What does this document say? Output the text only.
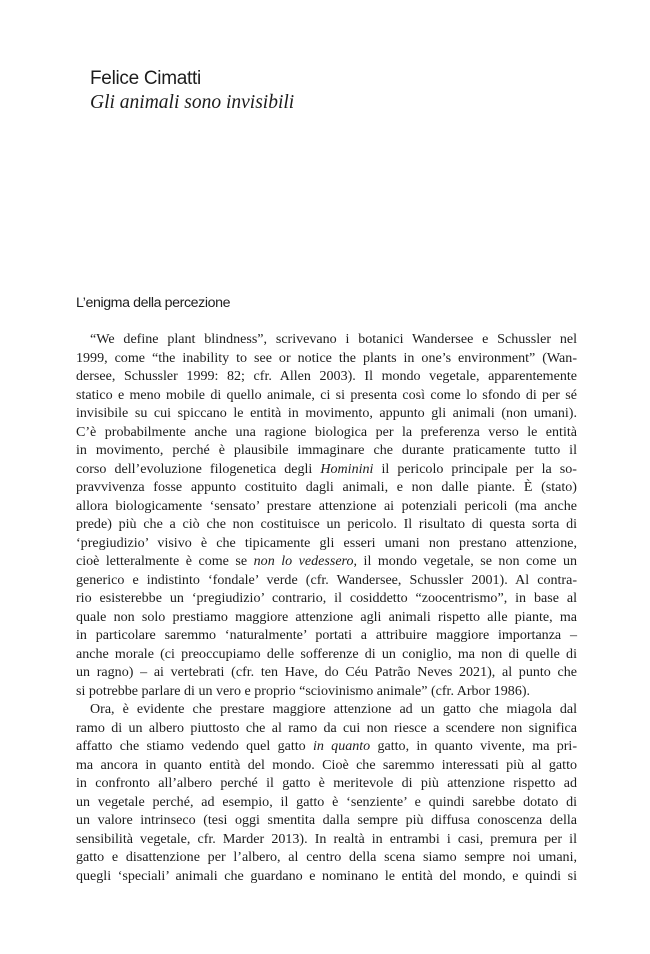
Felice Cimatti
Gli animali sono invisibili
L’enigma della percezione
“We define plant blindness”, scrivevano i botanici Wandersee e Schussler nel
1999, come “the inability to see or notice the plants in one’s environment” (Wan-
dersee, Schussler 1999: 82; cfr. Allen 2003). Il mondo vegetale, apparentemente
statico e meno mobile di quello animale, ci si presenta così come lo sfondo di per sé
invisibile su cui spiccano le entità in movimento, appunto gli animali (non umani).
C’è probabilmente anche una ragione biologica per la preferenza verso le entità
in movimento, perché è plausibile immaginare che durante praticamente tutto il
corso dell’evoluzione filogenetica degli Hominini il pericolo principale per la so-
pravvivenza fosse appunto costituito dagli animali, e non dalle piante. È (stato)
allora biologicamente ‘sensato’ prestare attenzione ai potenziali pericoli (ma anche
prede) più che a ciò che non costituisce un pericolo. Il risultato di questa sorta di
‘pregiudizio’ visivo è che tipicamente gli esseri umani non prestano attenzione,
cioè letteralmente è come se non lo vedessero, il mondo vegetale, se non come un
generico e indistinto ‘fondale’ verde (cfr. Wandersee, Schussler 2001). Al contra-
rio esisterebbe un ‘pregiudizio’ contrario, il cosiddetto “zoocentrismo”, in base al
quale non solo prestiamo maggiore attenzione agli animali rispetto alle piante, ma
in particolare saremmo ‘naturalmente’ portati a attribuire maggiore importanza –
anche morale (ci preoccupiamo delle sofferenze di un coniglio, ma non di quelle di
un ragno) – ai vertebrati (cfr. ten Have, do Céu Patrão Neves 2021), al punto che
si potrebbe parlare di un vero e proprio “sciovinismo animale” (cfr. Arbor 1986).
Ora, è evidente che prestare maggiore attenzione ad un gatto che miagola dal
ramo di un albero piuttosto che al ramo da cui non riesce a scendere non significa
affatto che stiamo vedendo quel gatto in quanto gatto, in quanto vivente, ma pri-
ma ancora in quanto entità del mondo. Cioè che saremmo interessati più al gatto
in confronto all’albero perché il gatto è meritevole di più attenzione rispetto ad
un vegetale perché, ad esempio, il gatto è ‘senziente’ e quindi sarebbe dotato di
un valore intrinseco (tesi oggi smentita dalla sempre più diffusa conoscenza della
sensibilità vegetale, cfr. Marder 2013). In realtà in entrambi i casi, premura per il
gatto e disattenzione per l’albero, al centro della scena siamo sempre noi umani,
quegli ‘speciali’ animali che guardano e nominano le entità del mondo, e quindi si
